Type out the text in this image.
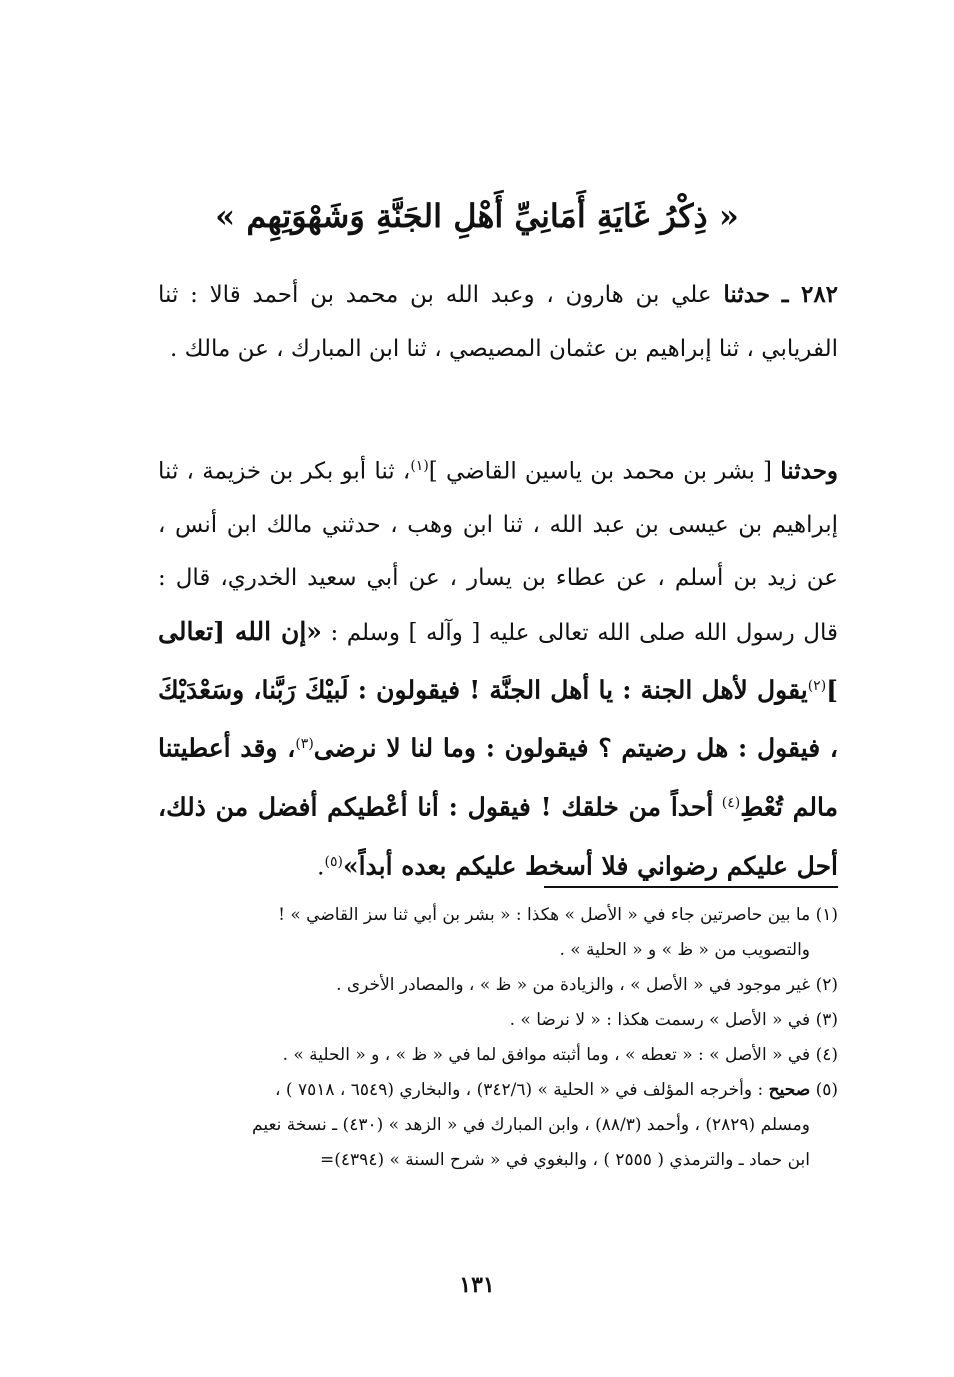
« ذِكْرُ غَايَةِ أَمَانِيِّ أَهْلِ الجَنَّةِ وَشَهْوَتِهِم »

٢٨٢ ـ حدثنا علي بن هارون ، وعبد الله بن محمد بن أحمد قالا : ثنا الفريابي ، ثنا إبراهيم بن عثمان المصيصي ، ثنا ابن المبارك ، عن مالك .

وحدثنا [ بشر بن محمد بن ياسين القاضي ]$^{(١)}$، ثنا أبو بكر بن خزيمة ، ثنا إبراهيم بن عيسى بن عبد الله ، ثنا ابن وهب ، حدثني مالك ابن أنس ، عن زيد بن أسلم ، عن عطاء بن يسار ، عن أبي سعيد الخدري، قال : قال رسول الله صلى الله تعالى عليه [ وآله ] وسلم : «إن الله [تعالى ]$^{(٢)}$يقول لأهل الجنة : يا أهل الجنَّة ! فيقولون : لَبيْكَ رَبَّنا، وسَعْدَيْكَ ، فيقول : هل رضيتم ؟ فيقولون : وما لنا لا نرضى$^{(٣)}$، وقد أعطيتنا مالم تُعْطِ$^{(٤)}$ أحداً من خلقك ! فيقول : أنا أعْطيكم أفضل من ذلك، أحل عليكم رضواني فلا أسخط عليكم بعده أبداً»$^{(٥)}$.

(١) ما بين حاصرتين جاء في « الأصل » هكذا : « بشر بن أبي ثنا سز القاضي » !
والتصويب من « ظ » و « الحلية » .
(٢) غير موجود في « الأصل » ، والزيادة من « ظ » ، والمصادر الأخرى .
(٣) في « الأصل » رسمت هكذا : « لا نرضا » .
(٤) في « الأصل » : « تعطه » ، وما أثبته موافق لما في « ظ » ، و « الحلية » .
(٥) صحيح : وأخرجه المؤلف في « الحلية » (٣٤٢/٦) ، والبخاري (٦٥٤٩ ، ٧٥١٨ ) ،
ومسلم (٢٨٢٩) ، وأحمد (٨٨/٣) ، وابن المبارك في « الزهد » (٤٣٠) ـ نسخة نعيم
ابن حماد ـ والترمذي ( ٢٥٥٥ ) ، والبغوي في « شرح السنة » (٤٣٩٤)=
١٣١
